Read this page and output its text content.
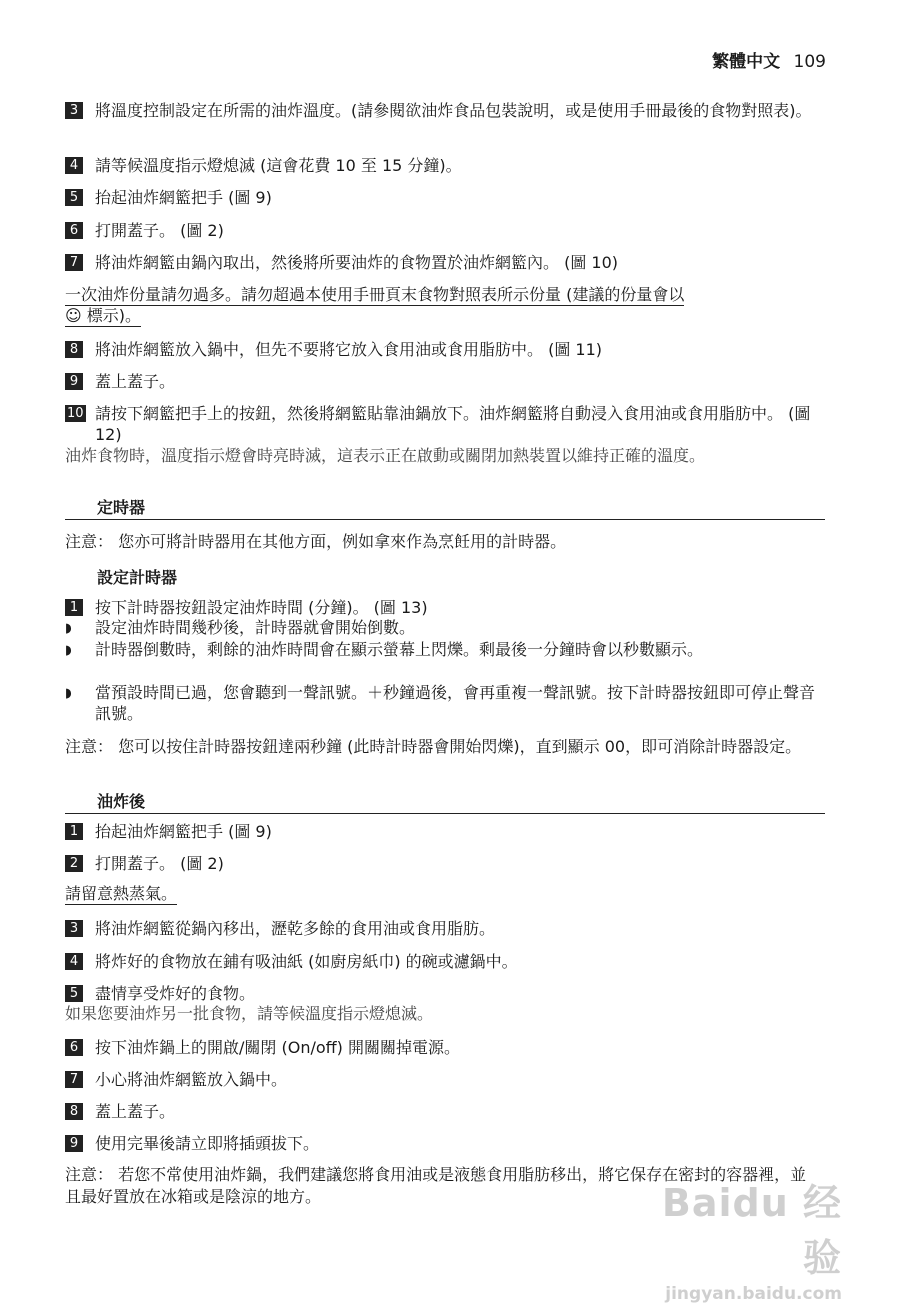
繁體中文 109
3	將溫度控制設定在所需的油炸溫度。(請參閱欲油炸食品包裝說明，或是使用手冊最後的食物對照表)。
4	請等候溫度指示燈熄滅 (這會花費 10 至 15 分鐘)。
5	抬起油炸網籃把手 (圖 9)
6	打開蓋子。 (圖 2)
7	將油炸網籃由鍋內取出，然後將所要油炸的食物置於油炸網籃內。 (圖 10)
一次油炸份量請勿過多。請勿超過本使用手冊頁末食物對照表所示份量 (建議的份量會以
☺ 標示)。
8	將油炸網籃放入鍋中，但先不要將它放入食用油或食用脂肪中。 (圖 11)
9	蓋上蓋子。
10 請按下網籃把手上的按鈕，然後將網籃貼靠油鍋放下。油炸網籃將自動浸入食用油或食用脂肪中。 (圖 12)
油炸食物時，溫度指示燈會時亮時滅，這表示正在啟動或關閉加熱裝置以維持正確的溫度。
定時器
注意： 您亦可將計時器用在其他方面，例如拿來作為烹飪用的計時器。
設定計時器
1	按下計時器按鈕設定油炸時間 (分鐘)。 (圖 13)
◗	設定油炸時間幾秒後，計時器就會開始倒數。
◗	計時器倒數時，剩餘的油炸時間會在顯示螢幕上閃爍。剩最後一分鐘時會以秒數顯示。
◗	當預設時間已過，您會聽到一聲訊號。＋秒鐘過後，會再重複一聲訊號。按下計時器按鈕即可停止聲音訊號。
注意： 您可以按住計時器按鈕達兩秒鐘 (此時計時器會開始閃爍)，直到顯示 00，即可消除計時器設定。
油炸後
1	抬起油炸網籃把手 (圖 9)
2	打開蓋子。 (圖 2)
請留意熱蒸氣。
3	將油炸網籃從鍋內移出，瀝乾多餘的食用油或食用脂肪。
4	將炸好的食物放在鋪有吸油紙 (如廚房紙巾) 的碗或濾鍋中。
5	盡情享受炸好的食物。
如果您要油炸另一批食物，請等候溫度指示燈熄滅。
6	按下油炸鍋上的開啟/關閉 (On/off) 開關關掉電源。
7	小心將油炸網籃放入鍋中。
8	蓋上蓋子。
9	使用完畢後請立即將插頭拔下。
注意： 若您不常使用油炸鍋，我們建議您將食用油或是液態食用脂肪移出，將它保存在密封的容器裡，並且最好置放在冰箱或是陰涼的地方。	Baidu 经验
jingyan.baidu.com
